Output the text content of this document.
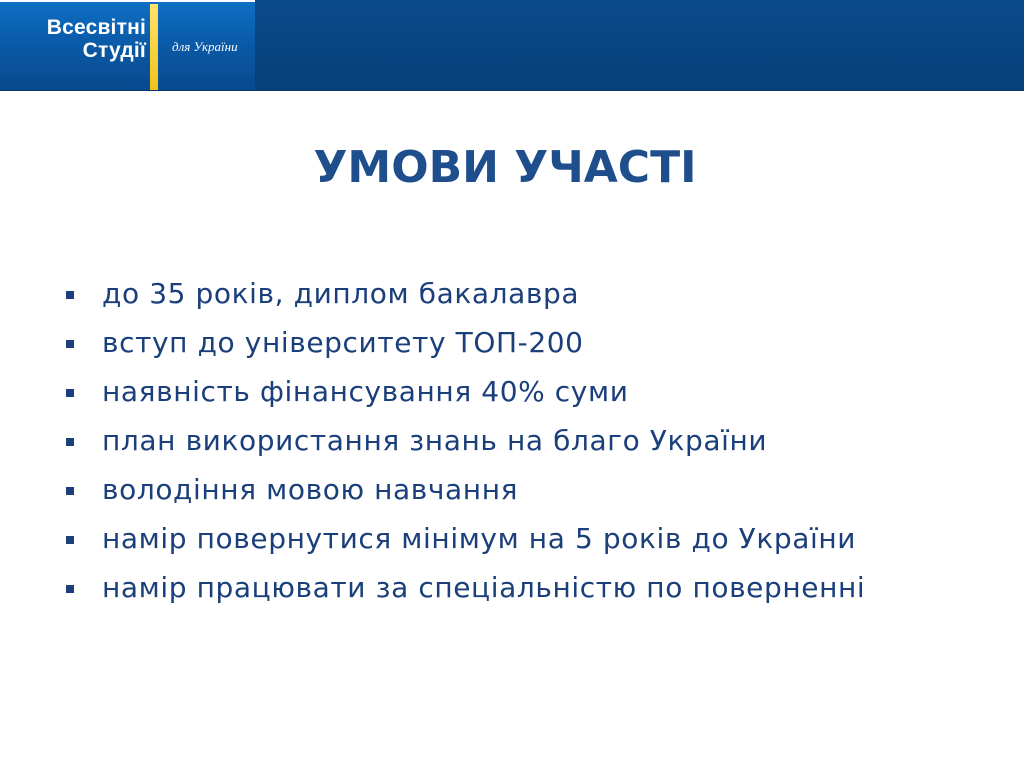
Всесвітні
Студії для України
УМОВИ УЧАСТІ
до 35 років, диплом бакалавра
вступ до університету ТОП-200
наявність фінансування 40% суми
план використання знань на благо України
володіння мовою навчання
намір повернутися мінімум на 5 років до України
намір працювати за спеціальністю по поверненні
